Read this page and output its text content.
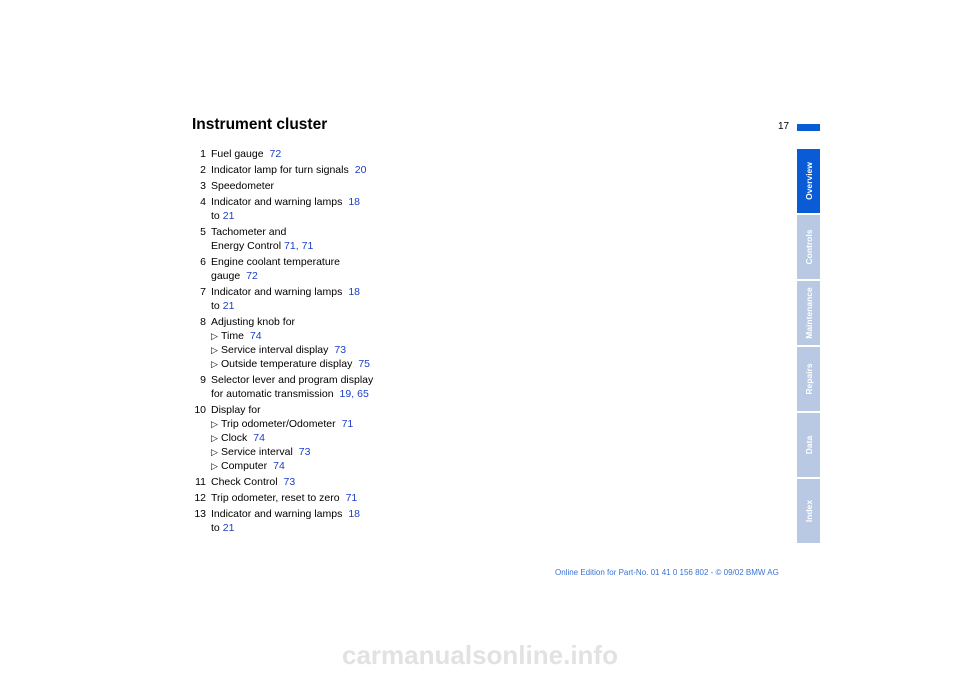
Instrument cluster	17
Overview
Controls
Maintenance
Repairs
Data
Index
1 Fuel gauge 72
2 Indicator lamp for turn signals 20
3 Speedometer
4 Indicator and warning lamps 18
to 21
5 Tachometer and
Energy Control 71, 71
6 Engine coolant temperature
gauge 72
7 Indicator and warning lamps 18
to 21
8 Adjusting knob for
▷ Time 74
▷ Service interval display 73
▷ Outside temperature display 75
9 Selector lever and program display
for automatic transmission 19, 65
10 Display for
▷ Trip odometer/Odometer 71
▷ Clock 74
▷ Service interval 73
▷ Computer 74
11 Check Control 73
12 Trip odometer, reset to zero 71
13 Indicator and warning lamps 18
to 21
Online Edition for Part-No. 01 41 0 156 802 - © 09/02 BMW AG
carmanualsonline.info
